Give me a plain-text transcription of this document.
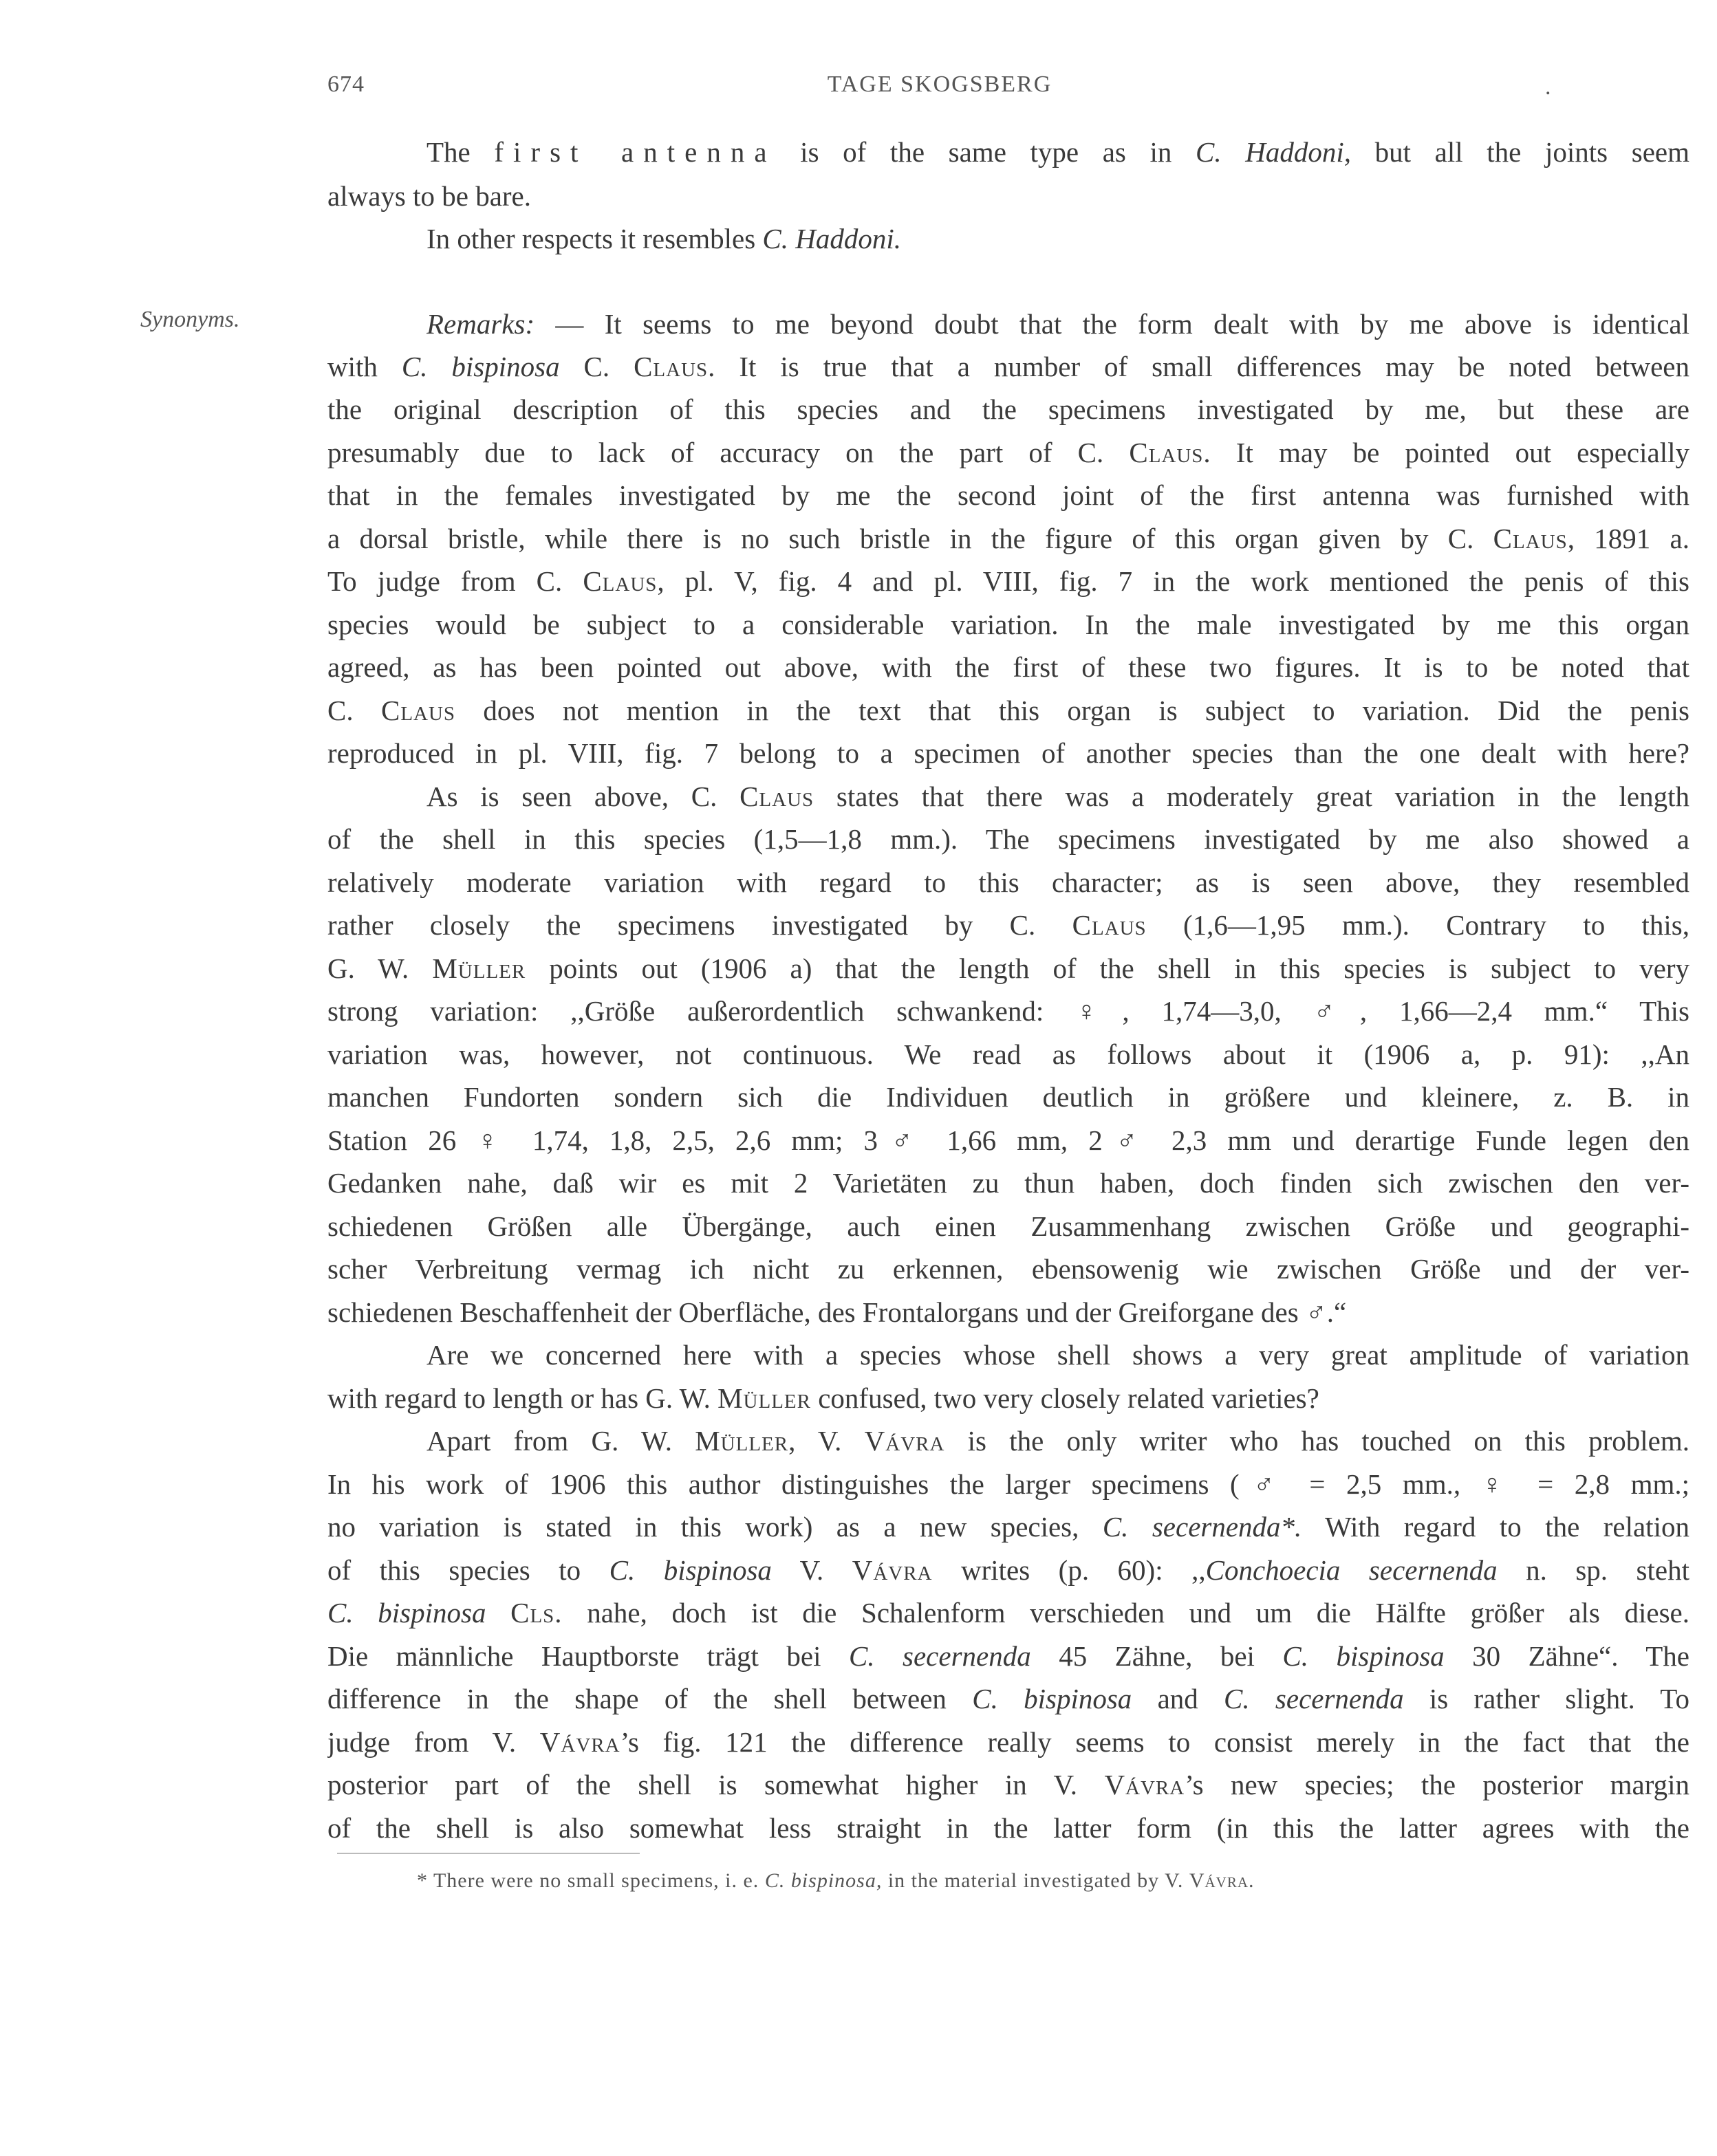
674	TAGE SKOGSBERG	.
Synonyms.
The first antenna is of the same type as in C. Haddoni, but all the joints seem
always to be bare.
In other respects it resembles C. Haddoni.
Remarks: — It seems to me beyond doubt that the form dealt with by me above is identical
with C. bispinosa C. Claus. It is true that a number of small differences may be noted between
the original description of this species and the specimens investigated by me, but these are
presumably due to lack of accuracy on the part of C. Claus. It may be pointed out especially
that in the females investigated by me the second joint of the first antenna was furnished with
a dorsal bristle, while there is no such bristle in the figure of this organ given by C. Claus, 1891 a.
To judge from C. Claus, pl. V, fig. 4 and pl. VIII, fig. 7 in the work mentioned the penis of this
species would be subject to a considerable variation. In the male investigated by me this organ
agreed, as has been pointed out above, with the first of these two figures. It is to be noted that
C. Claus does not mention in the text that this organ is subject to variation. Did the penis
reproduced in pl. VIII, fig. 7 belong to a specimen of another species than the one dealt with here?
As is seen above, C. Claus states that there was a moderately great variation in the length
of the shell in this species (1,5—1,8 mm.). The specimens investigated by me also showed a
relatively moderate variation with regard to this character; as is seen above, they resembled
rather closely the specimens investigated by C. Claus (1,6—1,95 mm.). Contrary to this,
G. W. Müller points out (1906 a) that the length of the shell in this species is subject to very
strong variation: ,,Größe außerordentlich schwankend: ♀, 1,74—3,0, ♂, 1,66—2,4 mm.“ This
variation was, however, not continuous. We read as follows about it (1906 a, p. 91): ,,An
manchen Fundorten sondern sich die Individuen deutlich in größere und kleinere, z. B. in
Station 26 ♀ 1,74, 1,8, 2,5, 2,6 mm; 3♂ 1,66 mm, 2♂ 2,3 mm und derartige Funde legen den
Gedanken nahe, daß wir es mit 2 Varietäten zu thun haben, doch finden sich zwischen den ver-
schiedenen Größen alle Übergänge, auch einen Zusammenhang zwischen Größe und geographi-
scher Verbreitung vermag ich nicht zu erkennen, ebensowenig wie zwischen Größe und der ver-
schiedenen Beschaffenheit der Oberfläche, des Frontalorgans und der Greiforgane des ♂.“
Are we concerned here with a species whose shell shows a very great amplitude of variation
with regard to length or has G. W. Müller confused, two very closely related varieties?
Apart from G. W. Müller, V. Vávra is the only writer who has touched on this problem.
In his work of 1906 this author distinguishes the larger specimens (♂ = 2,5 mm., ♀ = 2,8 mm.;
no variation is stated in this work) as a new species, C. secernenda*. With regard to the relation
of this species to C. bispinosa V. Vávra writes (p. 60): ,,Conchoecia secernenda n. sp. steht
C. bispinosa Cls. nahe, doch ist die Schalenform verschieden und um die Hälfte größer als diese.
Die männliche Hauptborste trägt bei C. secernenda 45 Zähne, bei C. bispinosa 30 Zähne“. The
difference in the shape of the shell between C. bispinosa and C. secernenda is rather slight. To
judge from V. Vávra’s fig. 121 the difference really seems to consist merely in the fact that the
posterior part of the shell is somewhat higher in V. Vávra’s new species; the posterior margin
of the shell is also somewhat less straight in the latter form (in this the latter agrees with the
* There were no small specimens, i. e. C. bispinosa, in the material investigated by V. Vávra.
